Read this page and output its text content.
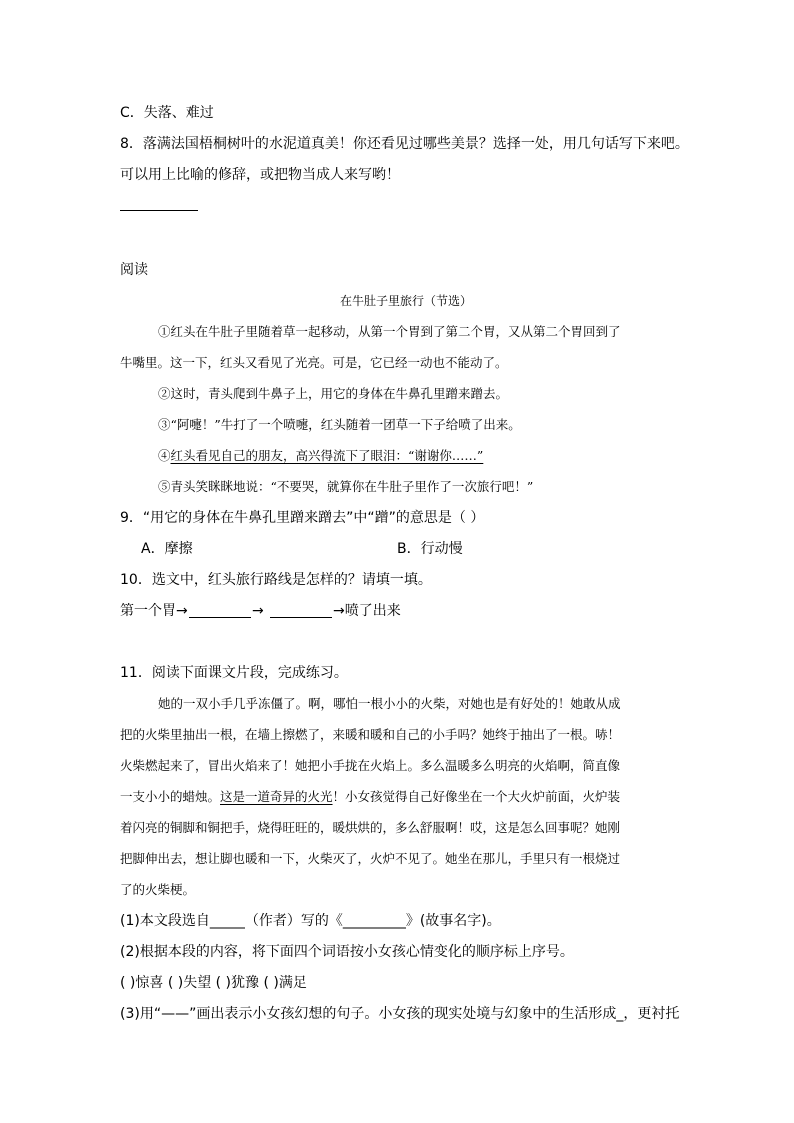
C．失落、难过
8．落满法国梧桐树叶的水泥道真美！你还看见过哪些美景？选择一处，用几句话写下来吧。
可以用上比喻的修辞，或把物当成人来写哟！
阅读
在牛肚子里旅行（节选）
①红头在牛肚子里随着草一起移动，从第一个胃到了第二个胃，又从第二个胃回到了
牛嘴里。这一下，红头又看见了光亮。可是，它已经一动也不能动了。
②这时，青头爬到牛鼻子上，用它的身体在牛鼻孔里蹭来蹭去。
③“阿嚏！”牛打了一个喷嚏，红头随着一团草一下子给喷了出来。
④红头看见自己的朋友，高兴得流下了眼泪：“谢谢你……”
⑤青头笑眯眯地说：“不要哭，就算你在牛肚子里作了一次旅行吧！”
9．“用它的身体在牛鼻孔里蹭来蹭去”中“蹭”的意思是（ ）
A．摩擦	B．行动慢
10．选文中，红头旅行路线是怎样的？请填一填。
第一个胃→	→	→喷了出来
11．阅读下面课文片段，完成练习。
她的一双小手几乎冻僵了。啊，哪怕一根小小的火柴，对她也是有好处的！她敢从成
把的火柴里抽出一根，在墙上擦燃了，来暖和暖和自己的小手吗？她终于抽出了一根。哧！
火柴燃起来了，冒出火焰来了！她把小手拢在火焰上。多么温暖多么明亮的火焰啊，简直像
一支小小的蜡烛。这是一道奇异的火光！小女孩觉得自己好像坐在一个大火炉前面，火炉装
着闪亮的铜脚和铜把手，烧得旺旺的，暖烘烘的，多么舒服啊！哎，这是怎么回事呢？她刚
把脚伸出去，想让脚也暖和一下，火柴灭了，火炉不见了。她坐在那儿，手里只有一根烧过
了的火柴梗。
(1)本文段选自_____（作者）写的《_________》(故事名字)。
(2)根据本段的内容，将下面四个词语按小女孩心情变化的顺序标上序号。
( )惊喜 ( )失望 ( )犹豫 ( )满足
(3)用“——”画出表示小女孩幻想的句子。小女孩的现实处境与幻象中的生活形成_，更衬托
